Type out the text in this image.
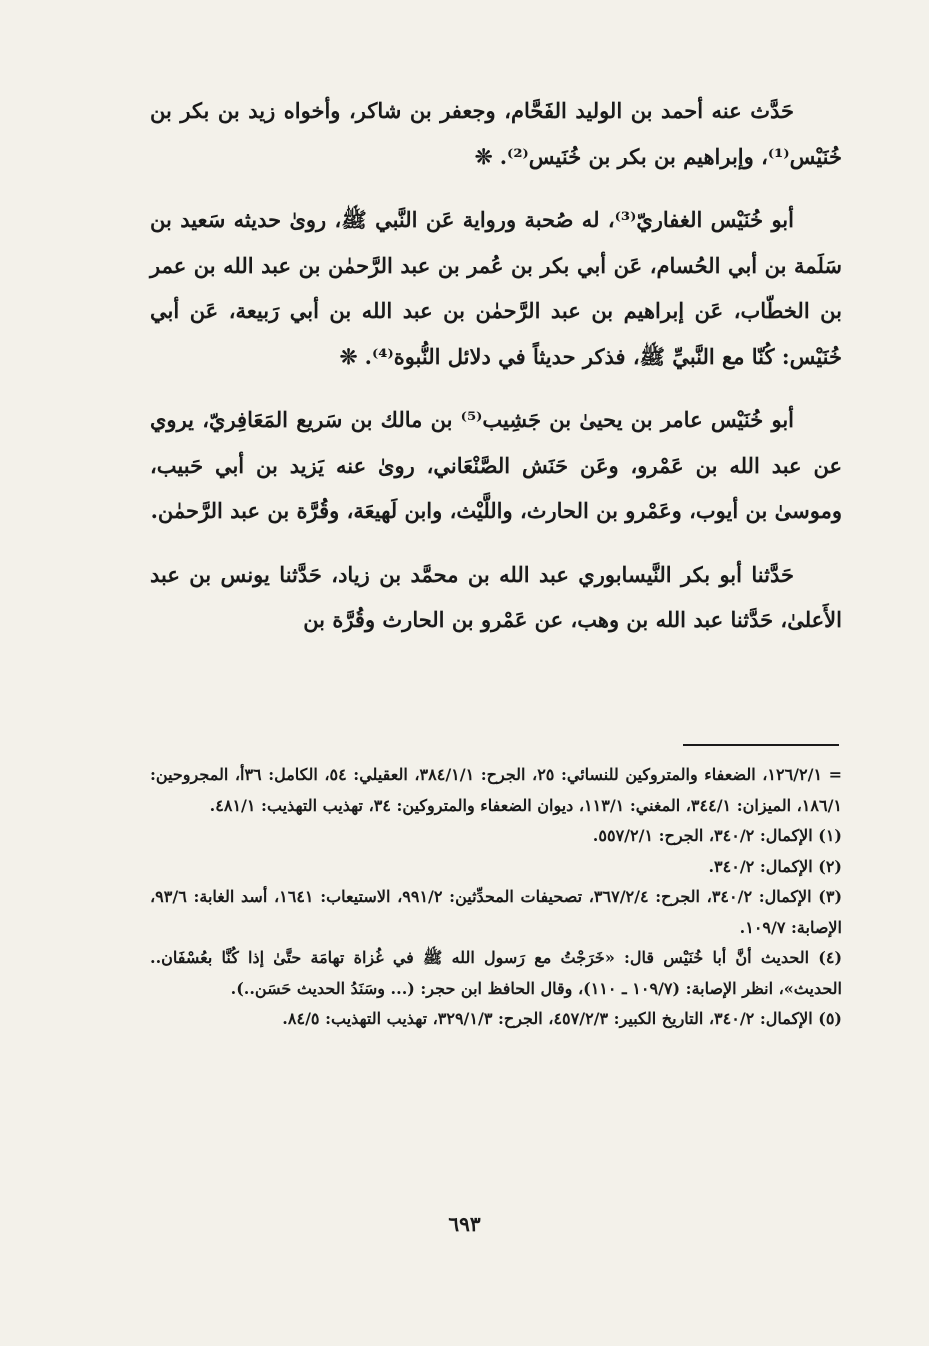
حَدَّث عنه أحمد بن الوليد الفَحَّام، وجعفر بن شاكر، وأخواه زيد بن بكر بن خُنَيْس⁽¹⁾، وإبراهيم بن بكر بن خُنَيس⁽²⁾. ❊

أبو خُنَيْس الغفاريّ⁽³⁾، له صُحبة ورواية عَن النَّبي ﷺ، روىٰ حديثه سَعيد بن سَلَمة بن أبي الحُسام، عَن أبي بكر بن عُمر بن عبد الرَّحمٰن بن عبد الله بن عمر بن الخطّاب، عَن إبراهيم بن عبد الرَّحمٰن بن عبد الله بن أبي رَبيعة، عَن أبي خُنَيْس: كُنّا مع النَّبيِّ ﷺ، فذكر حديثاً في دلائل النُّبوة⁽⁴⁾. ❊

أبو خُنَيْس عامر بن يحيىٰ بن جَشِيب⁽⁵⁾ بن مالك بن سَريع المَعَافِريّ، يروي عن عبد الله بن عَمْرو، وعَن حَنَش الصَّنْعَاني، روىٰ عنه يَزيد بن أبي حَبيب، وموسىٰ بن أيوب، وعَمْرو بن الحارث، واللَّيْث، وابن لَهيعَة، وقُرَّة بن عبد الرَّحمٰن.

حَدَّثنا أبو بكر النَّيسابوري عبد الله بن محمَّد بن زياد، حَدَّثنا يونس بن عبد الأَعلىٰ، حَدَّثنا عبد الله بن وهب، عن عَمْرو بن الحارث وقُرَّة بن

= ١٢٦/٢/١، الضعفاء والمتروكين للنسائي: ٢٥، الجرح: ٣٨٤/١/١، العقيلي: ٥٤، الكامل: ٣٦أ، المجروحين: ١٨٦/١، الميزان: ٣٤٤/١، المغني: ١١٣/١، ديوان الضعفاء والمتروكين: ٣٤، تهذيب التهذيب: ٤٨١/١.

(١) الإكمال: ٣٤٠/٢، الجرح: ٥٥٧/٢/١.

(٢) الإكمال: ٣٤٠/٢.

(٣) الإكمال: ٣٤٠/٢، الجرح: ٣٦٧/٢/٤، تصحيفات المحدِّثين: ٩٩١/٢، الاستيعاب: ١٦٤١، أسد الغابة: ٩٣/٦، الإصابة: ١٠٩/٧.

(٤) الحديث أنَّ أبا خُنَيْس قال: «خَرَجْتُ مع رَسول الله ﷺ في غُزاة تهامَة حتَّىٰ إذا كُنَّا بعُسْفَان.. الحديث»، انظر الإصابة: (١٠٩/٧ ـ ١١٠)، وقال الحافظ ابن حجر: (... وسَنَدُ الحديث حَسَن..).

(٥) الإكمال: ٣٤٠/٢، التاريخ الكبير: ٤٥٧/٢/٣، الجرح: ٣٢٩/١/٣، تهذيب التهذيب: ٨٤/٥.

٦٩٣
